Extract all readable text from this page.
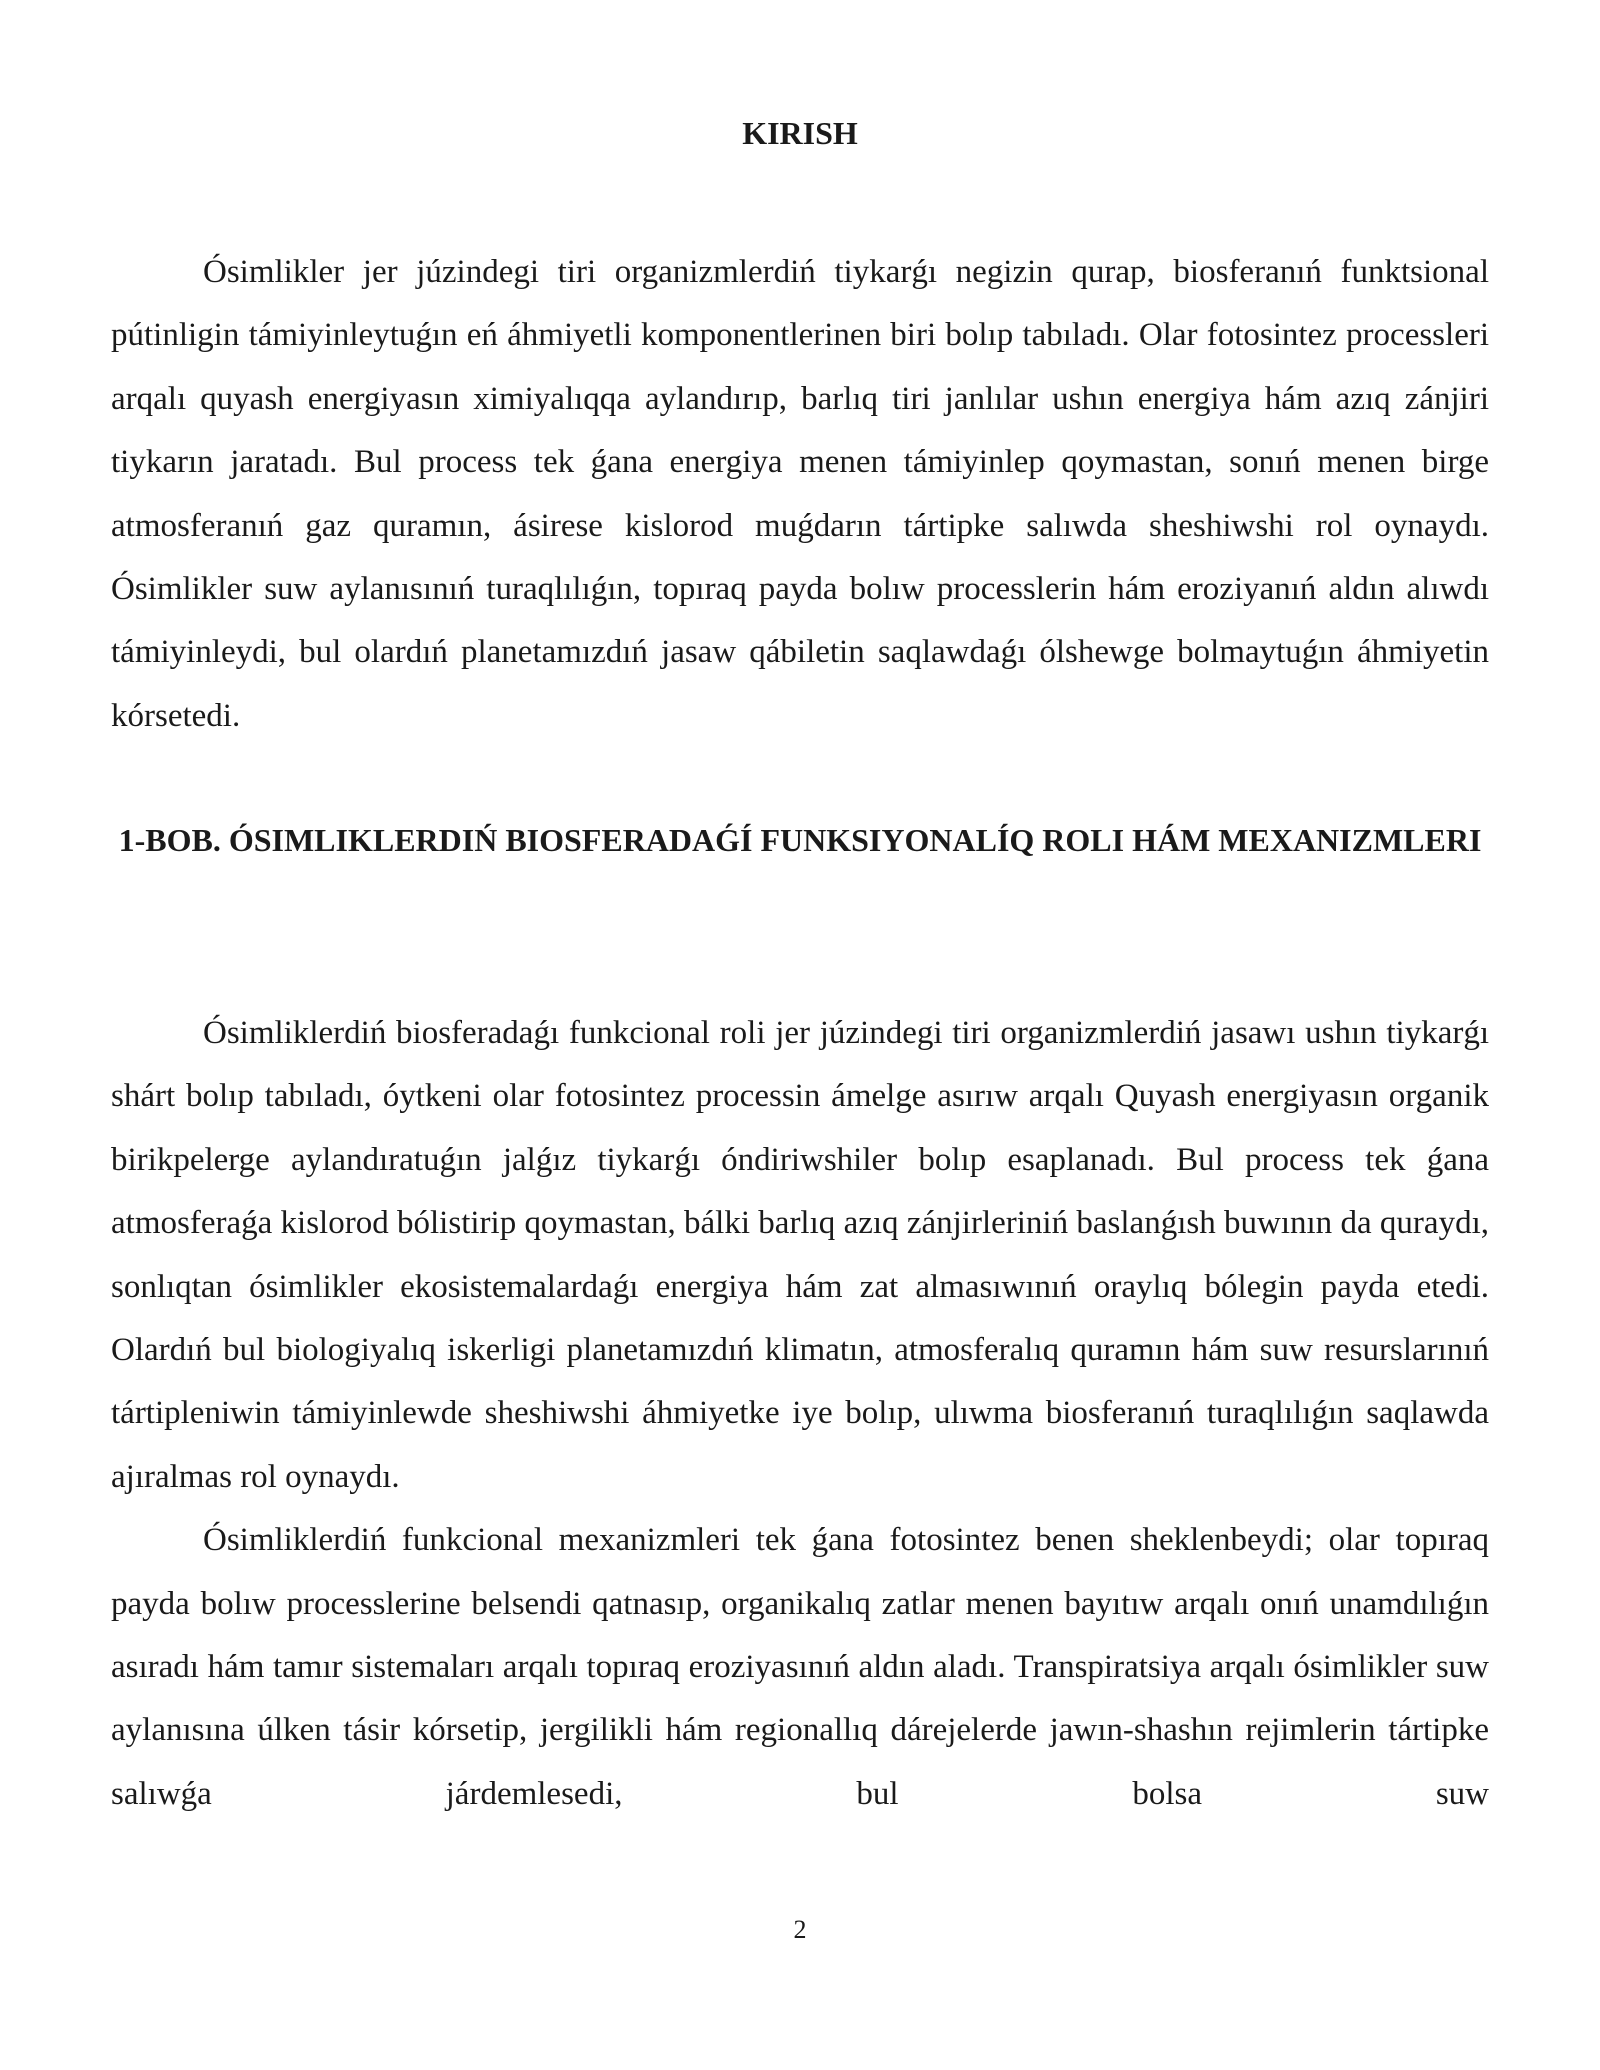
KIRISH

Ósimlikler jer júzindegi tiri organizmlerdiń tiykarǵı negizin qurap, biosferanıń funktsional pútinligin támiyinleytuǵın eń áhmiyetli komponentlerinen biri bolıp tabıladı. Olar fotosintez processleri arqalı quyash energiyasın ximiyalıqqa aylandırıp, barlıq tiri janlılar ushın energiya hám azıq zánjiri tiykarın jaratadı. Bul process tek ǵana energiya menen támiyinlep qoymastan, sonıń menen birge atmosferanıń gaz quramın, ásirese kislorod muǵdarın tártipke salıwda sheshiwshi rol oynaydı. Ósimlikler suw aylanısınıń turaqlılıǵın, topıraq payda bolıw processlerin hám eroziyanıń aldın alıwdı támiyinleydi, bul olardıń planetamızdıń jasaw qábiletin saqlawdaǵı ólshewge bolmaytuǵın áhmiyetin kórsetedi.

1-BOB. ÓSIMLIKLERDIŃ BIOSFERADAǴÍ FUNKSIYONALÍQ ROLI HÁM MEXANIZMLERI

Ósimliklerdiń biosferadaǵı funkcional roli jer júzindegi tiri organizmlerdiń jasawı ushın tiykarǵı shárt bolıp tabıladı, óytkeni olar fotosintez processin ámelge asırıw arqalı Quyash energiyasın organik birikpelerge aylandıratuǵın jalǵız tiykarǵı óndiriwshiler bolıp esaplanadı. Bul process tek ǵana atmosferaǵa kislorod bólistirip qoymastan, bálki barlıq azıq zánjirleriniń baslanǵısh buwının da quraydı, sonlıqtan ósimlikler ekosistemalardaǵı energiya hám zat almasıwınıń oraylıq bólegin payda etedi. Olardıń bul biologiyalıq iskerligi planetamızdıń klimatın, atmosferalıq quramın hám suw resurslarınıń tártipleniwin támiyinlewde sheshiwshi áhmiyetke iye bolıp, ulıwma biosferanıń turaqlılıǵın saqlawda ajıralmas rol oynaydı.

Ósimliklerdiń funkcional mexanizmleri tek ǵana fotosintez benen sheklenbeydi; olar topıraq payda bolıw processlerine belsendi qatnasıp, organikalıq zatlar menen bayıtıw arqalı onıń unamdılıǵın asıradı hám tamır sistemaları arqalı topıraq eroziyasınıń aldın aladı. Transpiratsiya arqalı ósimlikler suw aylanısına úlken tásir kórsetip, jergilikli hám regionallıq dárejelerde jawın-shashın rejimlerin tártipke salıwǵa járdemlesedi, bul bolsa suw

2
